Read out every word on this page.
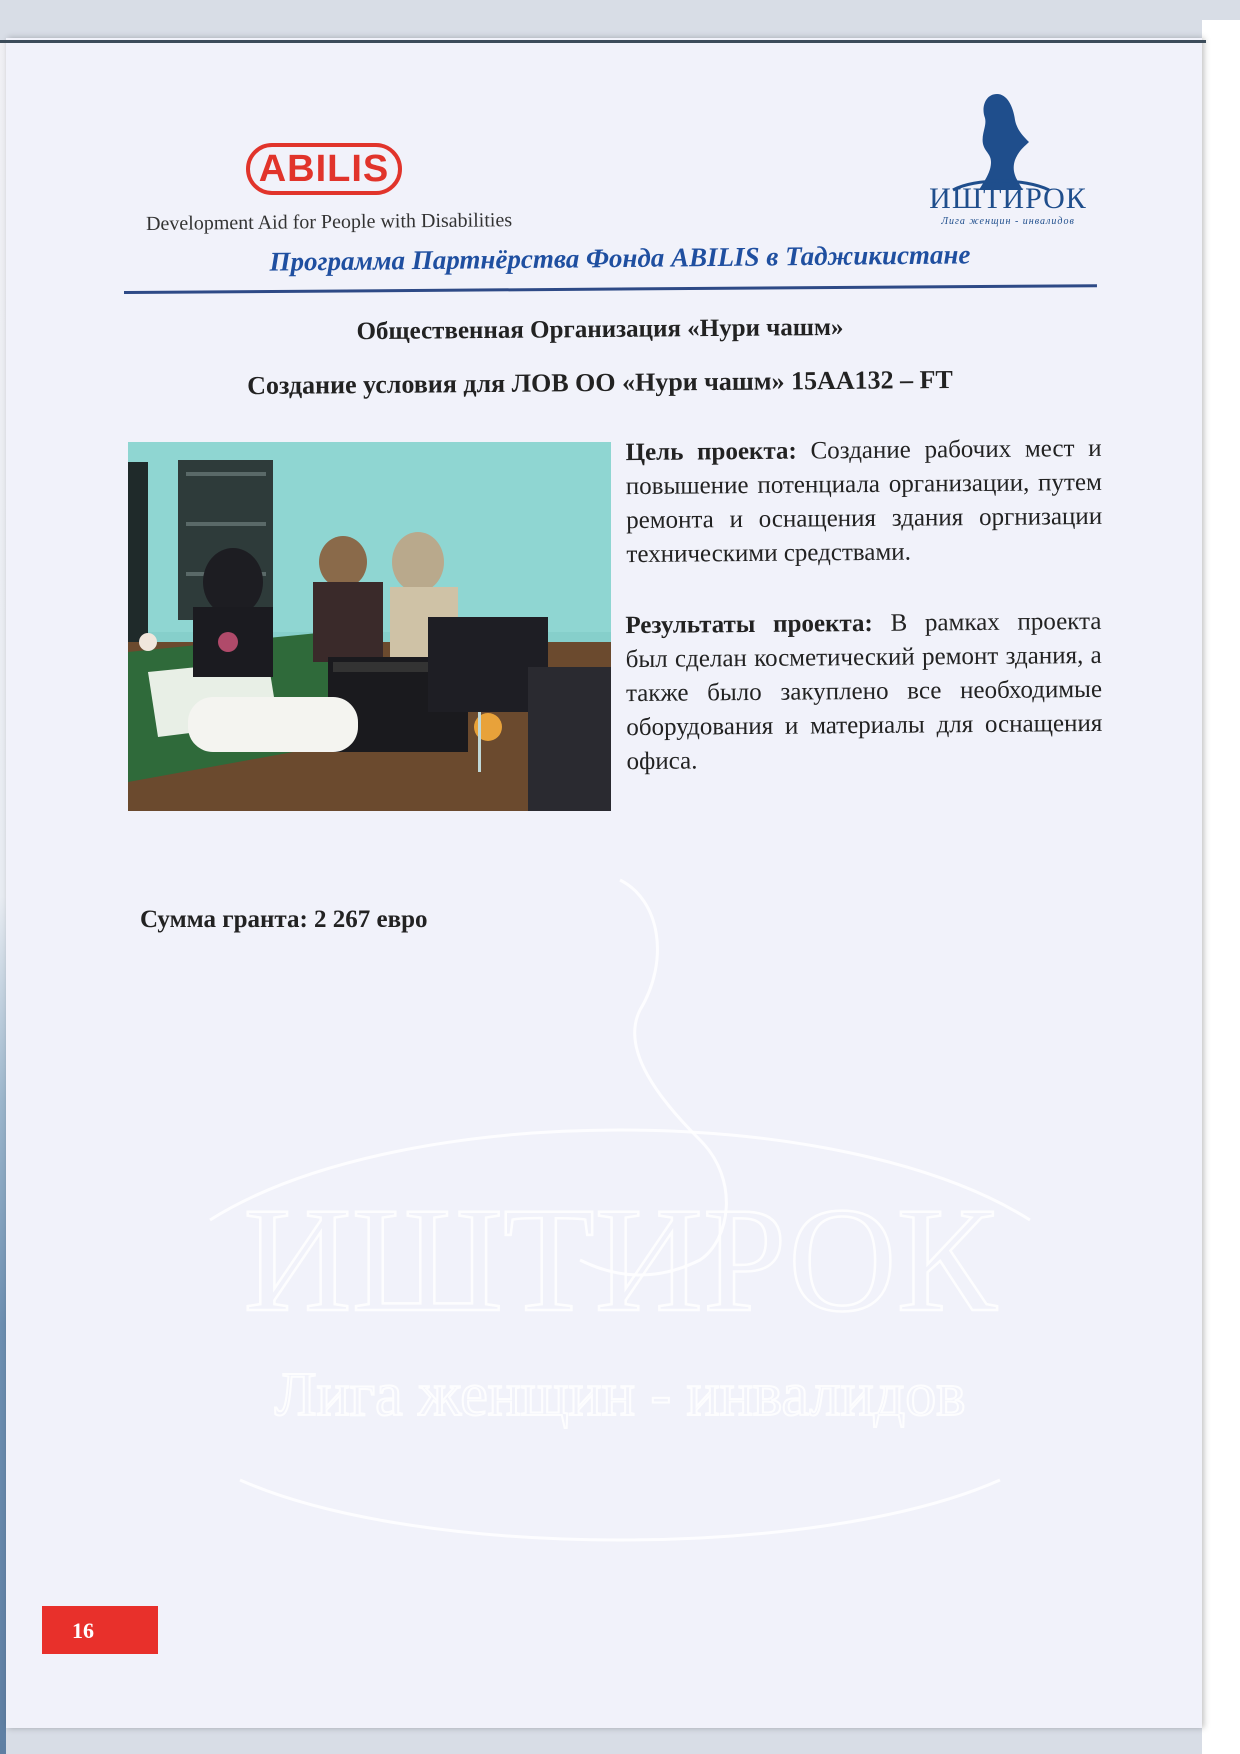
ИШТИРОК
Лига женщин - инвалидов
ABILIS
Development Aid for People with Disabilities
ИШТИРОК
Лига женщин - инвалидов
Программа Партнёрства Фонда ABILIS в Таджикистане
Общественная Организация «Нури чашм»
Создание условия для ЛОВ ОО «Нури чашм» 15АА132 – FT
Цель проекта: Создание рабочих мест и повышение потенциала организации, путем ремонта и оснащения здания оргнизации техническими средствами.
Результаты проекта: В рамках проекта был сделан косметический ремонт здания, а также было закуплено все необходимые оборудования и материалы для оснащения офиса.
Сумма гранта: 2 267 евро
16
